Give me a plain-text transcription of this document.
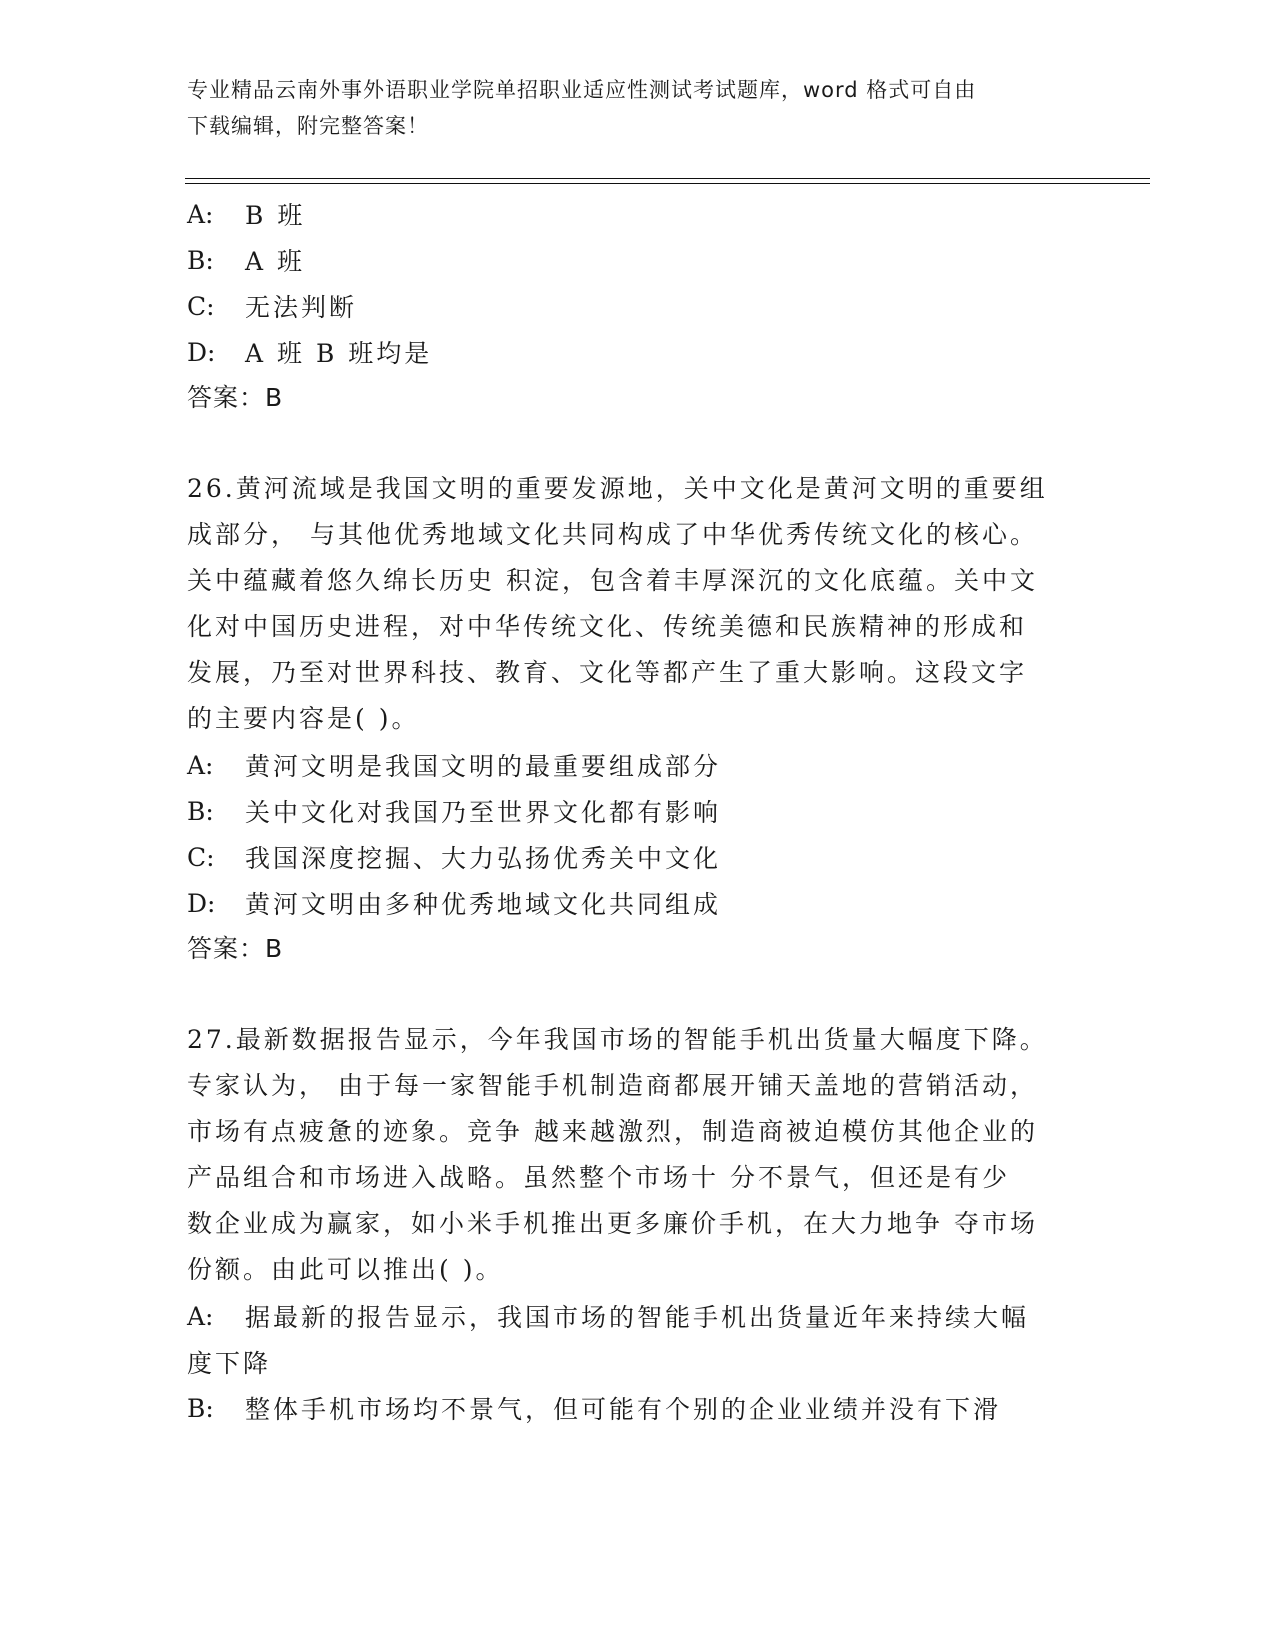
专业精品云南外事外语职业学院单招职业适应性测试考试题库，word 格式可自由
下载编辑，附完整答案！
A:	B 班
B:	A 班
C:	无法判断
D:	A 班 B 班均是
答案：B
26.黄河流域是我国文明的重要发源地，关中文化是黄河文明的重要组
成部分， 与其他优秀地域文化共同构成了中华优秀传统文化的核心。
关中蕴藏着悠久绵长历史 积淀，包含着丰厚深沉的文化底蕴。关中文
化对中国历史进程，对中华传统文化、传统美德和民族精神的形成和
发展，乃至对世界科技、教育、文化等都产生了重大影响。这段文字
的主要内容是( )。
A:	黄河文明是我国文明的最重要组成部分
B:	关中文化对我国乃至世界文化都有影响
C:	我国深度挖掘、大力弘扬优秀关中文化
D:	黄河文明由多种优秀地域文化共同组成
答案：B
27.最新数据报告显示，今年我国市场的智能手机出货量大幅度下降。
专家认为， 由于每一家智能手机制造商都展开铺天盖地的营销活动，
市场有点疲惫的迹象。竞争 越来越激烈，制造商被迫模仿其他企业的
产品组合和市场进入战略。虽然整个市场十 分不景气，但还是有少
数企业成为赢家，如小米手机推出更多廉价手机，在大力地争 夺市场
份额。由此可以推出( )。
A:	据最新的报告显示，我国市场的智能手机出货量近年来持续大幅
度下降
B:	整体手机市场均不景气，但可能有个别的企业业绩并没有下滑
